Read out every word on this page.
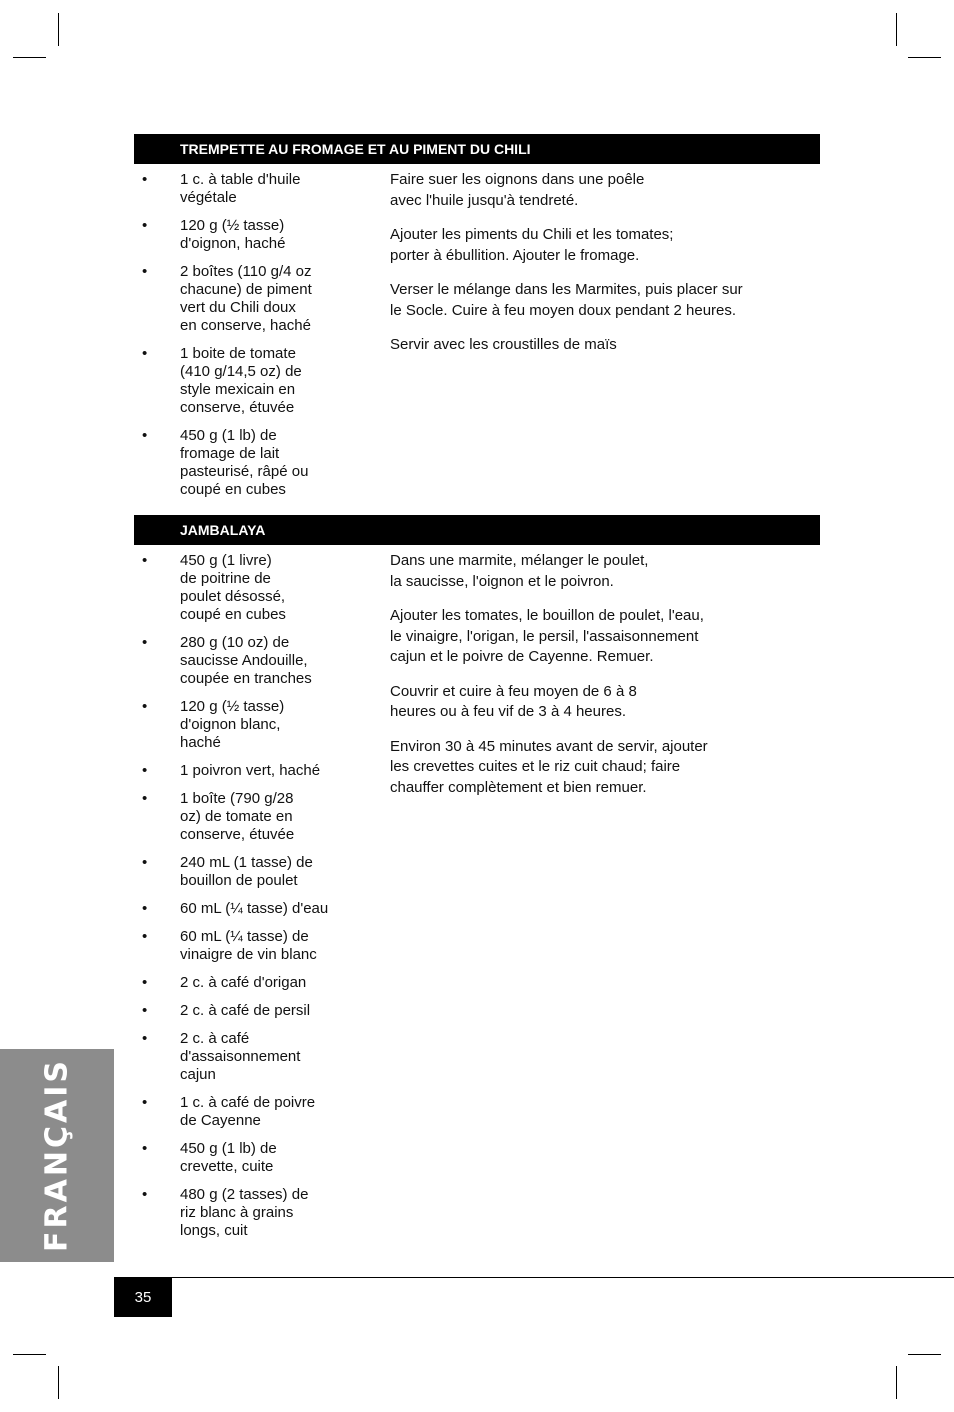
TREMPETTE AU FROMAGE ET AU PIMENT DU CHILI
• 1 c. à table d'huile
végétale
• 120 g (½ tasse)
d'oignon, haché
• 2 boîtes (110 g/4 oz
chacune) de piment
vert du Chili doux
en conserve, haché
• 1 boite de tomate
(410 g/14,5 oz) de
style mexicain en
conserve, étuvée
• 450 g (1 lb) de
fromage de lait
pasteurisé, râpé ou
coupé en cubes

Faire suer les oignons dans une poêle
avec l'huile jusqu'à tendreté.

Ajouter les piments du Chili et les tomates;
porter à ébullition. Ajouter le fromage.

Verser le mélange dans les Marmites, puis placer sur
le Socle. Cuire à feu moyen doux pendant 2 heures.

Servir avec les croustilles de maïs

JAMBALAYA
• 450 g (1 livre)
de poitrine de
poulet désossé,
coupé en cubes
• 280 g (10 oz) de
saucisse Andouille,
coupée en tranches
• 120 g (½ tasse)
d'oignon blanc,
haché
• 1 poivron vert, haché
• 1 boîte (790 g/28
oz) de tomate en
conserve, étuvée
• 240 mL (1 tasse) de
bouillon de poulet
• 60 mL (¼ tasse) d'eau
• 60 mL (¼ tasse) de
vinaigre de vin blanc
• 2 c. à café d'origan
• 2 c. à café de persil
• 2 c. à café
d'assaisonnement
cajun
• 1 c. à café de poivre
de Cayenne
• 450 g (1 lb) de
crevette, cuite
• 480 g (2 tasses) de
riz blanc à grains
longs, cuit

Dans une marmite, mélanger le poulet,
la saucisse, l'oignon et le poivron.

Ajouter les tomates, le bouillon de poulet, l'eau,
le vinaigre, l'origan, le persil, l'assaisonnement
cajun et le poivre de Cayenne. Remuer.

Couvrir et cuire à feu moyen de 6 à 8
heures ou à feu vif de 3 à 4 heures.

Environ 30 à 45 minutes avant de servir, ajouter
les crevettes cuites et le riz cuit chaud; faire
chauffer complètement et bien remuer.

FRANÇAIS
35
